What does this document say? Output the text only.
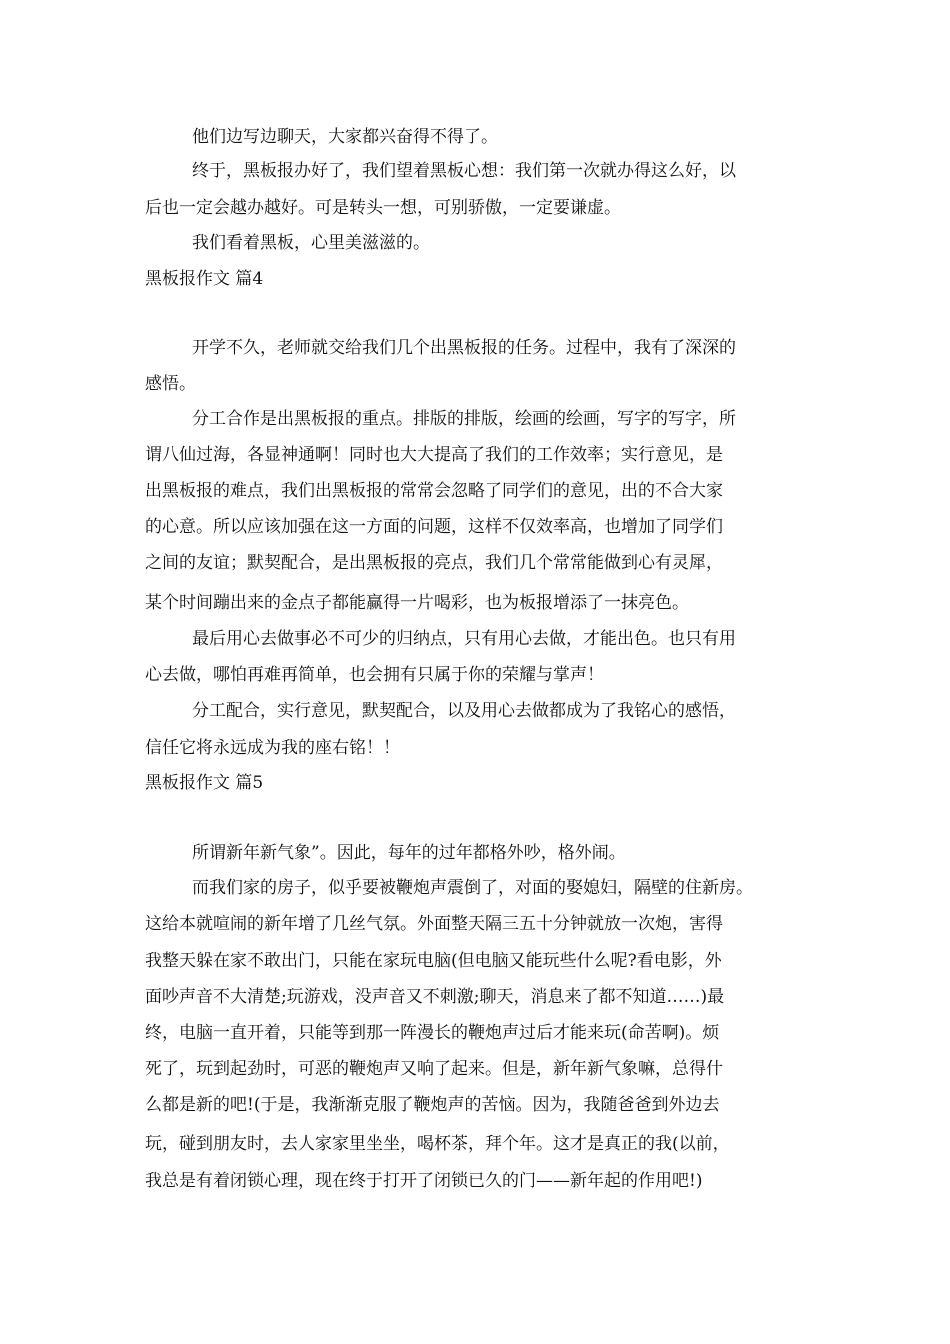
他们边写边聊天，大家都兴奋得不得了。
终于，黑板报办好了，我们望着黑板心想：我们第一次就办得这么好，以
后也一定会越办越好。可是转头一想，可别骄傲，一定要谦虚。
我们看着黑板，心里美滋滋的。
黑板报作文 篇4
开学不久，老师就交给我们几个出黑板报的任务。过程中，我有了深深的
感悟。
分工合作是出黑板报的重点。排版的排版，绘画的绘画，写字的写字，所
谓八仙过海，各显神通啊！同时也大大提高了我们的工作效率；实行意见，是
出黑板报的难点，我们出黑板报的常常会忽略了同学们的意见，出的不合大家
的心意。所以应该加强在这一方面的问题，这样不仅效率高，也增加了同学们
之间的友谊；默契配合，是出黑板报的亮点，我们几个常常能做到心有灵犀，
某个时间蹦出来的金点子都能赢得一片喝彩，也为板报增添了一抹亮色。
最后用心去做事必不可少的归纳点，只有用心去做，才能出色。也只有用
心去做，哪怕再难再简单，也会拥有只属于你的荣耀与掌声！
分工配合，实行意见，默契配合，以及用心去做都成为了我铭心的感悟，
信任它将永远成为我的座右铭！！
黑板报作文 篇5
所谓新年新气象”。因此，每年的过年都格外吵，格外闹。
而我们家的房子，似乎要被鞭炮声震倒了，对面的娶媳妇，隔壁的住新房。
这给本就喧闹的新年增了几丝气氛。外面整天隔三五十分钟就放一次炮，害得
我整天躲在家不敢出门，只能在家玩电脑(但电脑又能玩些什么呢?看电影，外
面吵声音不大清楚;玩游戏，没声音又不刺激;聊天，消息来了都不知道……)最
终，电脑一直开着，只能等到那一阵漫长的鞭炮声过后才能来玩(命苦啊)。烦
死了，玩到起劲时，可恶的鞭炮声又响了起来。但是，新年新气象嘛，总得什
么都是新的吧!(于是，我渐渐克服了鞭炮声的苦恼。因为，我随爸爸到外边去
玩，碰到朋友时，去人家家里坐坐，喝杯茶，拜个年。这才是真正的我(以前，
我总是有着闭锁心理，现在终于打开了闭锁已久的门——新年起的作用吧!)
